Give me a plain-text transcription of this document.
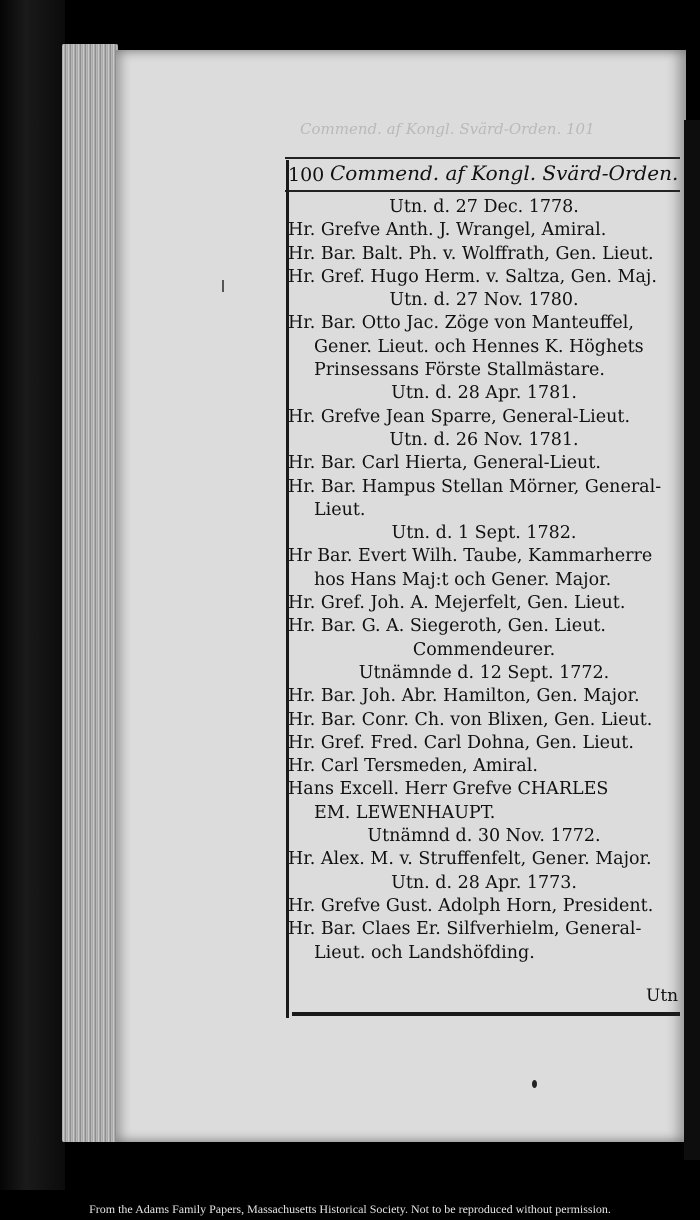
Commend. af Kongl. Svärd-Orden. 101
100 Commend. af Kongl. Svärd-Orden.
Utn. d. 27 Dec. 1778.
Hr. Grefve Anth. J. Wrangel, Amiral.
Hr. Bar. Balt. Ph. v. Wolffrath, Gen. Lieut.
Hr. Gref. Hugo Herm. v. Saltza, Gen. Maj.
Utn. d. 27 Nov. 1780.
Hr. Bar. Otto Jac. Zöge von Manteuffel,
Gener. Lieut. och Hennes K. Höghets
Prinsessans Förste Stallmästare.
Utn. d. 28 Apr. 1781.
Hr. Grefve Jean Sparre, General-Lieut.
Utn. d. 26 Nov. 1781.
Hr. Bar. Carl Hierta, General-Lieut.
Hr. Bar. Hampus Stellan Mörner, General-
Lieut.
Utn. d. 1 Sept. 1782.
Hr Bar. Evert Wilh. Taube, Kammarherre
hos Hans Maj:t och Gener. Major.
Hr. Gref. Joh. A. Mejerfelt, Gen. Lieut.
Hr. Bar. G. A. Siegeroth, Gen. Lieut.
Commendeurer.
Utnämnde d. 12 Sept. 1772.
Hr. Bar. Joh. Abr. Hamilton, Gen. Major.
Hr. Bar. Conr. Ch. von Blixen, Gen. Lieut.
Hr. Gref. Fred. Carl Dohna, Gen. Lieut.
Hr. Carl Tersmeden, Amiral.
Hans Excell. Herr Grefve CHARLES
EM. LEWENHAUPT.
Utnämnd d. 30 Nov. 1772.
Hr. Alex. M. v. Struffenfelt, Gener. Major.
Utn. d. 28 Apr. 1773.
Hr. Grefve Gust. Adolph Horn, President.
Hr. Bar. Claes Er. Silfverhielm, General-
Lieut. och Landshöfding.
Utn
From the Adams Family Papers, Massachusetts Historical Society. Not to be reproduced without permission.
